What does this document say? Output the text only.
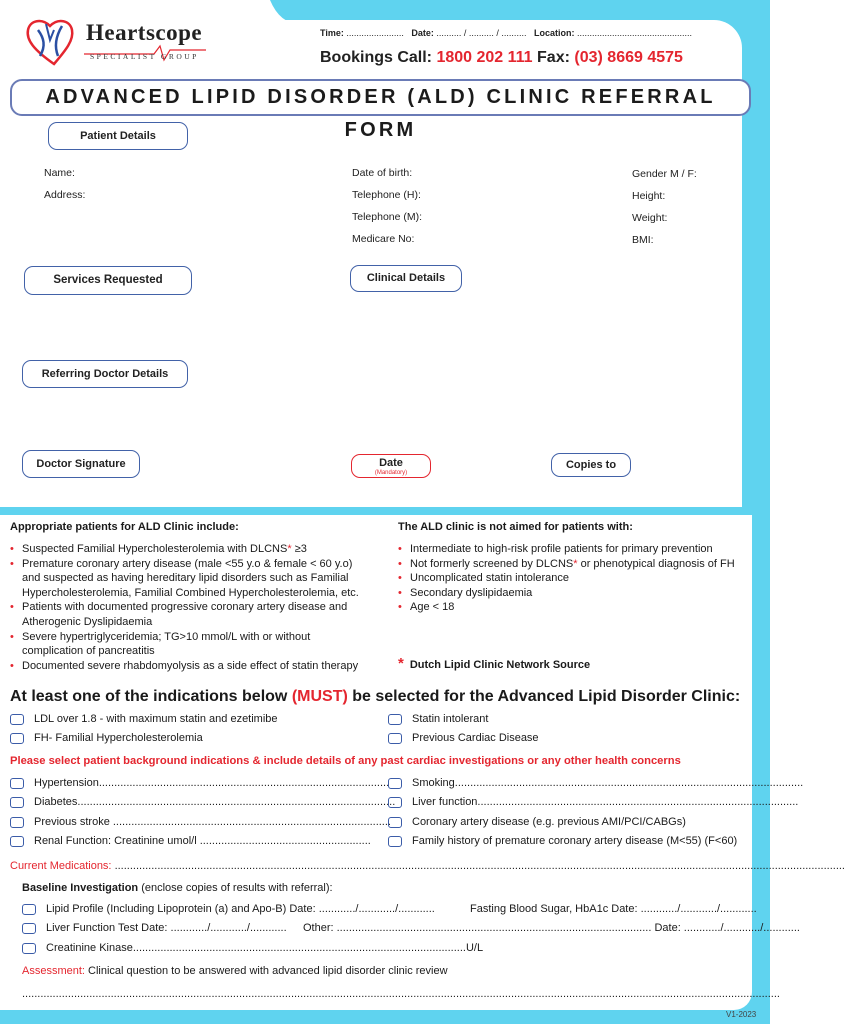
Heartscope
SPECIALIST GROUP
Time: ....................... Date: .......... / .......... / .......... Location: ..............................................
Bookings Call: 1800 202 111 Fax: (03) 8669 4575
ADVANCED LIPID DISORDER (ALD) CLINIC REFERRAL FORM
Patient Details
Name:
Address:
Date of birth:
Telephone (H):
Telephone (M):
Medicare No:
Gender M / F:
Height:
Weight:
BMI:
Services Requested	Clinical Details
Referring Doctor Details
Doctor Signature	Date
(Mandatory)
Copies to
Appropriate patients for ALD Clinic include:
• Suspected Familial Hypercholesterolemia with DLCNS* ≥3
• Premature coronary artery disease (male <55 y.o & female < 60 y.o)
and suspected as having hereditary lipid disorders such as Familial
Hypercholesterolemia, Familial Combined Hypercholesterolemia, etc.
• Patients with documented progressive coronary artery disease and
Atherogenic Dyslipidaemia
• Severe hypertriglyceridemia; TG>10 mmol/L with or without
complication of pancreatitis
• Documented severe rhabdomyolysis as a side effect of statin therapy
The ALD clinic is not aimed for patients with:
• Intermediate to high-risk profile patients for primary prevention
• Not formerly screened by DLCNS* or phenotypical diagnosis of FH
• Uncomplicated statin intolerance
• Secondary dyslipidaemia
• Age < 18
* Dutch Lipid Clinic Network Source
At least one of the indications below (MUST) be selected for the Advanced Lipid Disorder Clinic:
LDL over 1.8 - with maximum statin and ezetimibe
FH- Familial Hypercholesterolemia
Statin intolerant
Previous Cardiac Disease
Please select patient background indications & include details of any past cardiac investigations or any other health concerns
Hypertension...............................................................................................
Diabetes........................................................................................................
Previous stroke ...........................................................................................
Renal Function: Creatinine umol/l ........................................................
Smoking..................................................................................................................
Liver function.........................................................................................................
Coronary artery disease (e.g. previous AMI/PCI/CABGs)
Family history of premature coronary artery disease (M<55) (F<60)
Current Medications: ...............................................................................................................................................................................................................................................
Baseline Investigation (enclose copies of results with referral):
Lipid Profile (Including Lipoprotein (a) and Apo-B) Date: ............/............/............	Fasting Blood Sugar, HbA1c Date: ............/............/............
Liver Function Test Date: ............/............/............ Other: ....................................................................................................... Date: ............/............/............
Creatinine Kinase.............................................................................................................U/L
Assessment: Clinical question to be answered with advanced lipid disorder clinic review
........................................................................................................................................................................................................................................................
V1-2023
